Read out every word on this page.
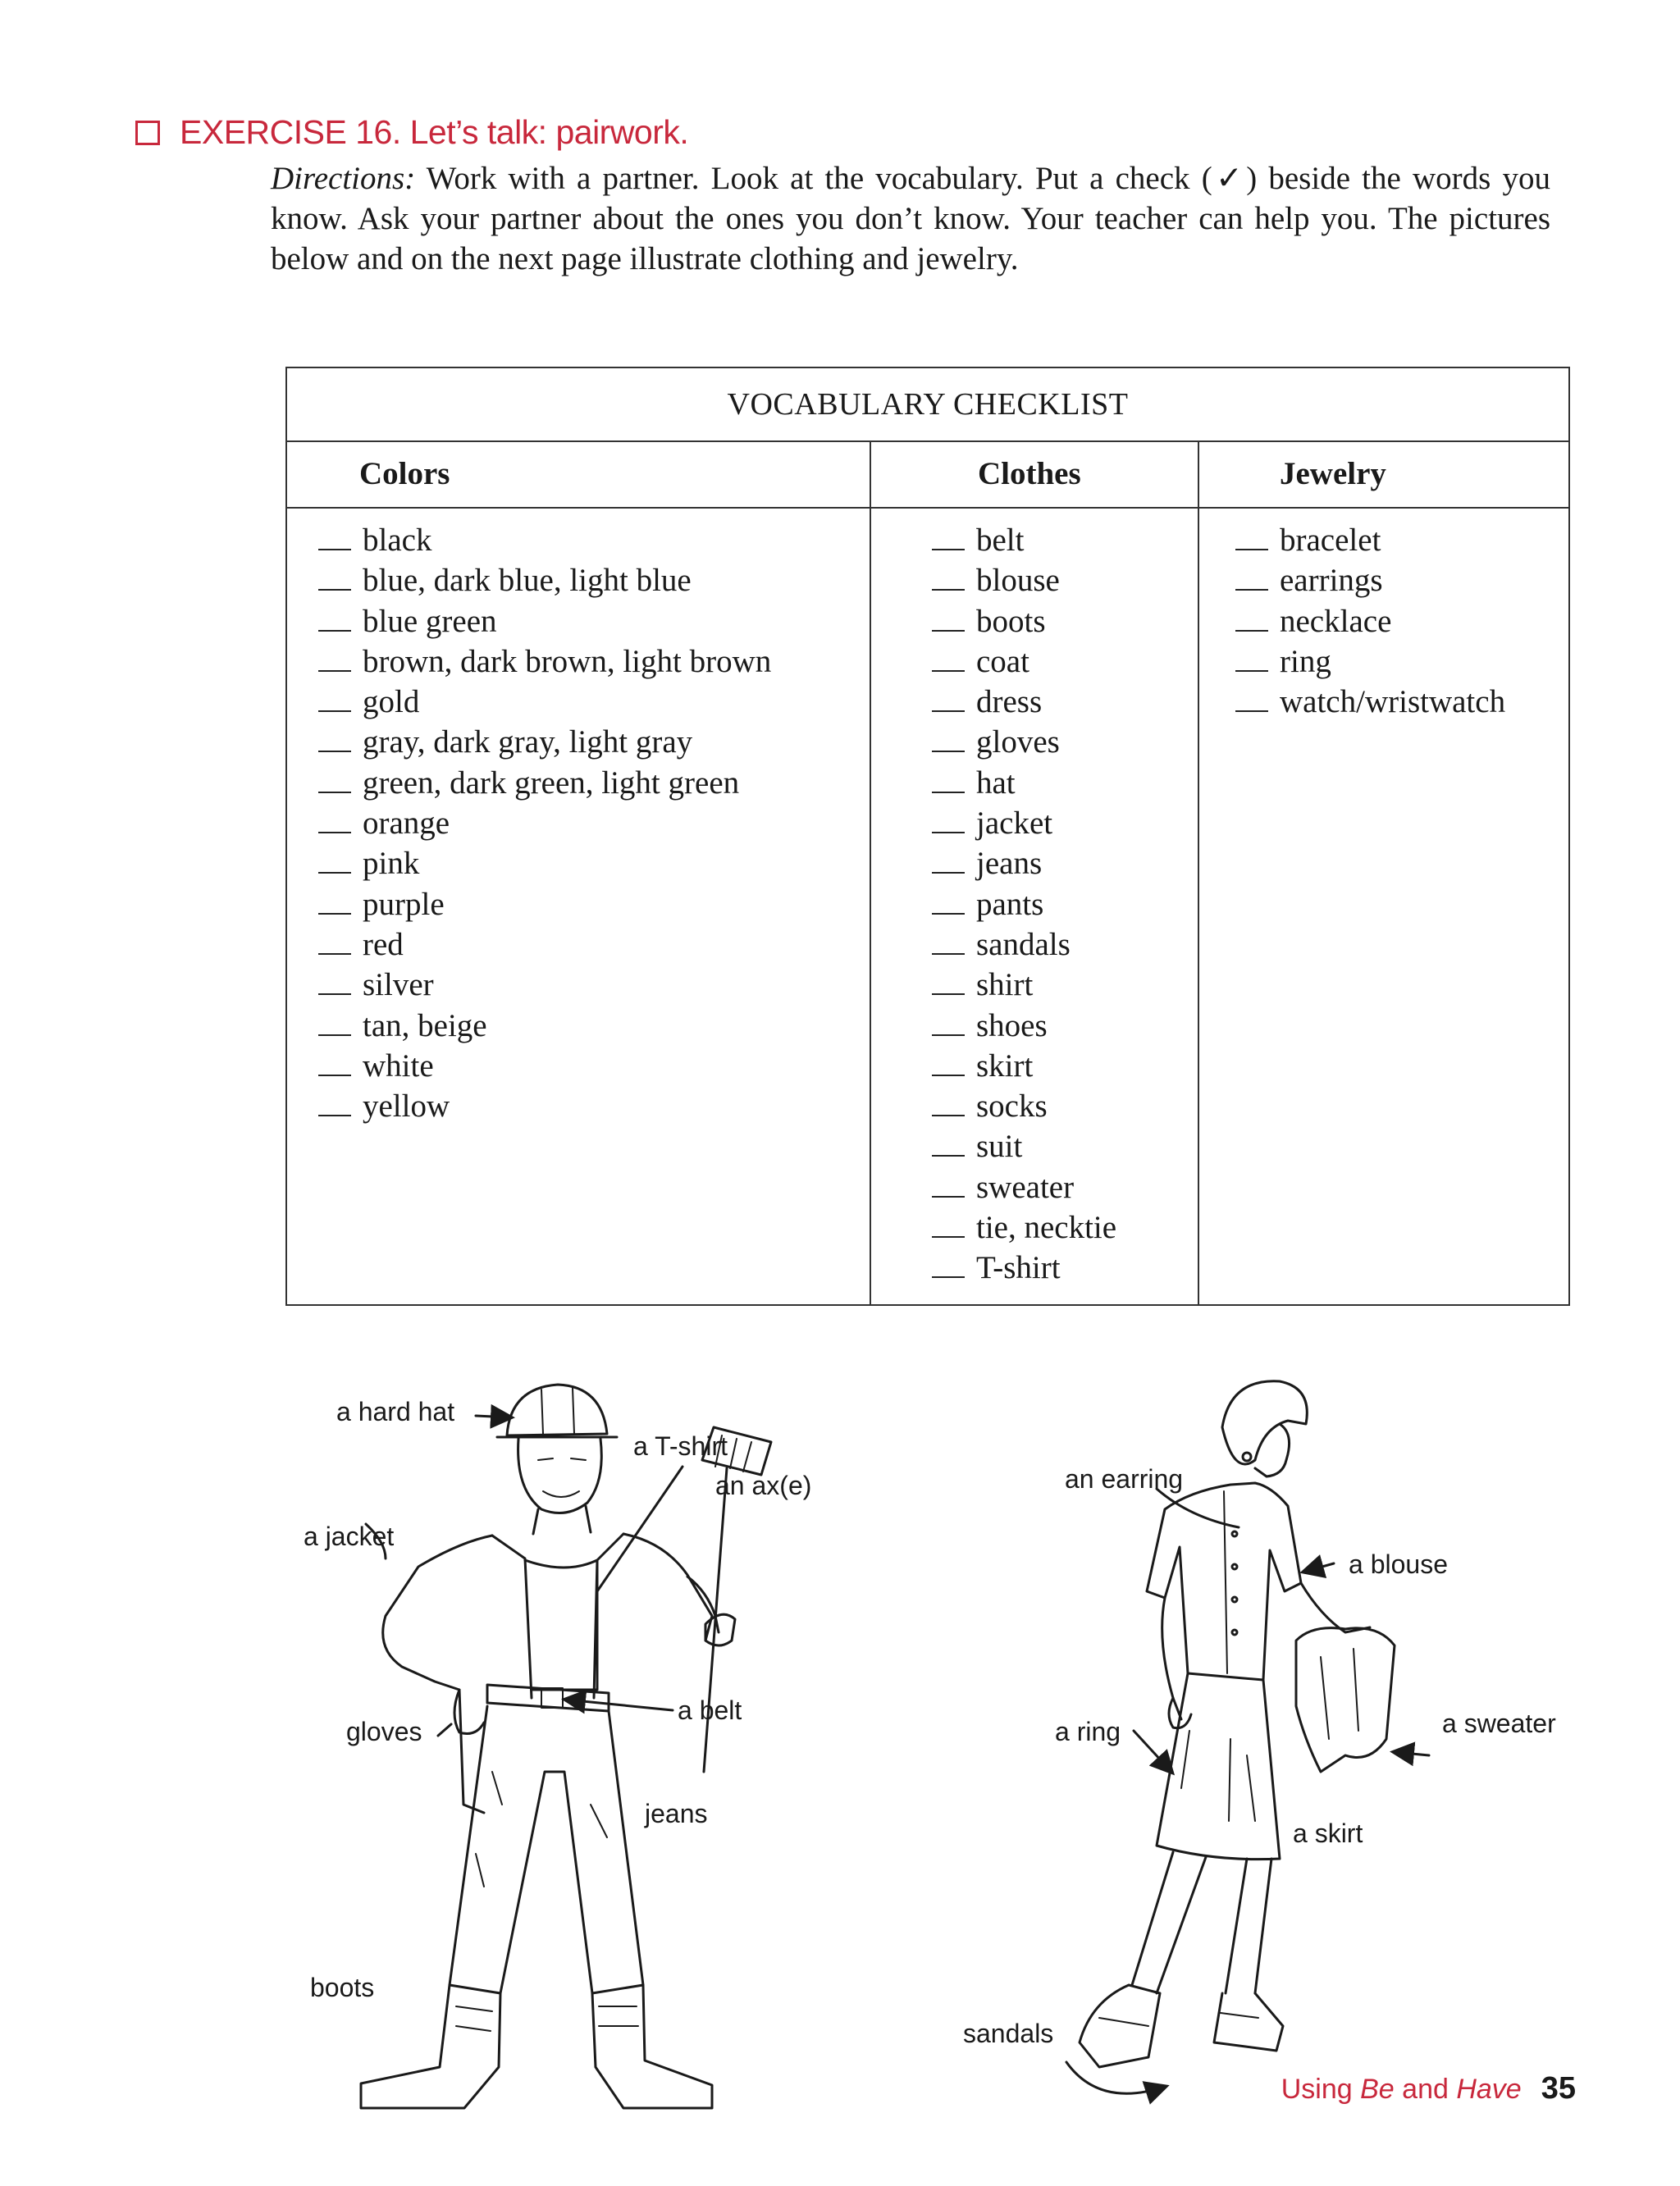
EXERCISE 16. Let’s talk: pairwork.
Directions: Work with a partner. Look at the vocabulary. Put a check (✓) beside the words you know. Ask your partner about the ones you don’t know. Your teacher can help you. The pictures below and on the next page illustrate clothing and jewelry.
VOCABULARY CHECKLIST
Colors
black
blue, dark blue, light blue
blue green
brown, dark brown, light brown
gold
gray, dark gray, light gray
green, dark green, light green
orange
pink
purple
red
silver
tan, beige
white
yellow
Clothes
belt
blouse
boots
coat
dress
gloves
hat
jacket
jeans
pants
sandals
shirt
shoes
skirt
socks
suit
sweater
tie, necktie
T-shirt
Jewelry
bracelet
earrings
necklace
ring
watch/wristwatch
a hard hat
a T-shirt
an ax(e)
a jacket
gloves
a belt
jeans
boots
an earring
a blouse
a ring	a sweater
a skirt
sandals
Using Be and Have 35
